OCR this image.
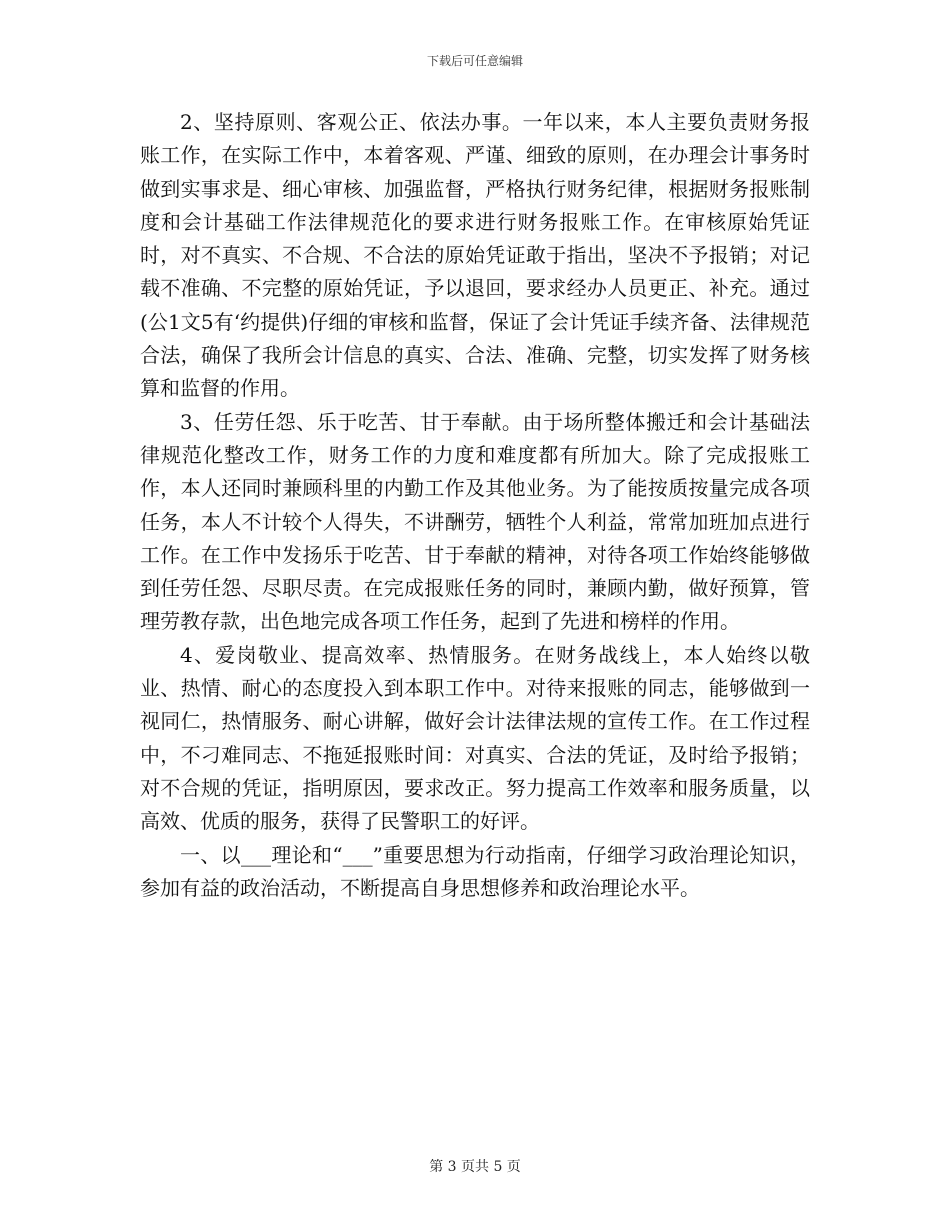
下载后可任意编辑

2、坚持原则、客观公正、依法办事。一年以来，本人主要负责财务报账工作，在实际工作中，本着客观、严谨、细致的原则，在办理会计事务时做到实事求是、细心审核、加强监督，严格执行财务纪律，根据财务报账制度和会计基础工作法律规范化的要求进行财务报账工作。在审核原始凭证时，对不真实、不合规、不合法的原始凭证敢于指出，坚决不予报销；对记载不准确、不完整的原始凭证，予以退回，要求经办人员更正、补充。通过(公1文5有‘约提供)仔细的审核和监督，保证了会计凭证手续齐备、法律规范合法，确保了我所会计信息的真实、合法、准确、完整，切实发挥了财务核算和监督的作用。

3、任劳任怨、乐于吃苦、甘于奉献。由于场所整体搬迁和会计基础法律规范化整改工作，财务工作的力度和难度都有所加大。除了完成报账工作，本人还同时兼顾科里的内勤工作及其他业务。为了能按质按量完成各项任务，本人不计较个人得失，不讲酬劳，牺牲个人利益，常常加班加点进行工作。在工作中发扬乐于吃苦、甘于奉献的精神，对待各项工作始终能够做到任劳任怨、尽职尽责。在完成报账任务的同时，兼顾内勤，做好预算，管理劳教存款，出色地完成各项工作任务，起到了先进和榜样的作用。

4、爱岗敬业、提高效率、热情服务。在财务战线上，本人始终以敬业、热情、耐心的态度投入到本职工作中。对待来报账的同志，能够做到一视同仁，热情服务、耐心讲解，做好会计法律法规的宣传工作。在工作过程中，不刁难同志、不拖延报账时间：对真实、合法的凭证，及时给予报销；对不合规的凭证，指明原因，要求改正。努力提高工作效率和服务质量，以高效、优质的服务，获得了民警职工的好评。

一、以___理论和“___”重要思想为行动指南，仔细学习政治理论知识，参加有益的政治活动，不断提高自身思想修养和政治理论水平。

第 3 页共 5 页
